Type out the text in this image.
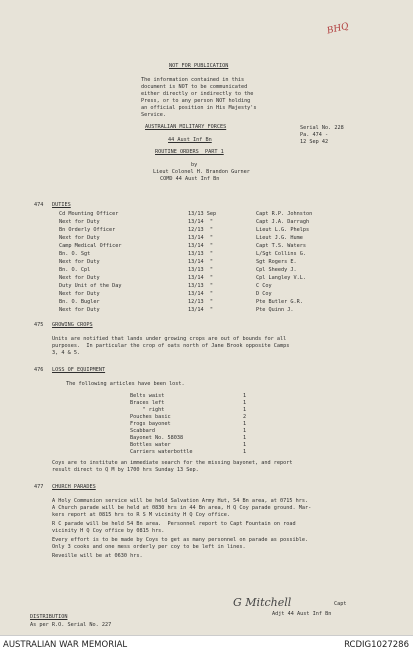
BHQ
NOT FOR PUBLICATION
The information contained in this
document is NOT to be communicated
either directly or indirectly to the
Press, or to any person NOT holding
an official position in His Majesty's
Service.
AUSTRALIAN MILITARY FORCES	Serial No. 228
Pa. 474 -
44 Aust Inf Bn	12 Sep 42
ROUTINE ORDERS  PART 1
by
Lieut Colonel H. Brandon Gurner
COMD 44 Aust Inf Bn
474 DUTIES
Cd Mounting Officer	13/13 Sep	Capt R.P. Johnston
Next for Duty	13/14  "	Capt J.A. Darragh
Bn Orderly Officer	12/13  "	Lieut L.G. Phelps
Next for Duty	13/14  "	Lieut J.G. Hume
Camp Medical Officer	13/14  "	Capt T.S. Waters
Bn. O. Sgt	13/13  "	L/Sgt Collins G.
Next for Duty	13/14  "	Sgt Rogers E.
Bn. O. Cpl	13/13  "	Cpl Sheedy J.
Next for Duty	13/14  "	Cpl Langley V.L.
Duty Unit of the Day	13/13  "	C Coy
Next for Duty	13/14  "	D Coy
Bn. O. Bugler	12/13  "	Pte Butler G.R.
Next for Duty	13/14  "	Pte Quinn J.
475 GROWING CROPS
Units are notified that lands under growing crops are out of bounds for all
purposes.  In particular the crop of oats north of Jane Brook opposite Camps
3, 4 & 5.
476 LOSS OF EQUIPMENT
The following articles have been lost.
Belts waist	1
Braces left	1
" right	1
Pouches basic	2
Frogs bayonet	1
Scabbard	1
Bayonet No. 58038	1
Bottles water	1
Carriers waterbottle	1
Coys are to institute an immediate search for the missing bayonet, and report
result direct to Q M by 1700 hrs Sunday 13 Sep.
477 CHURCH PARADES
A Holy Communion service will be held Salvation Army Hut, 54 Bn area, at 0715 hrs.
A Church parade will be held at 0830 hrs in 44 Bn area, H Q Coy parade ground. Mar-
kers report at 0815 hrs to R S M vicinity H Q Coy office.
R C parade will be held 54 Bn area.  Personnel report to Capt Fountain on road
vicinity H Q Coy office by 0815 hrs.
Every effort is to be made by Coys to get as many personnel on parade as possible.
Only 3 cooks and one mess orderly per coy to be left in lines.
Reveille will be at 0630 hrs.
G Mitchell	Capt
Adjt 44 Aust Inf Bn
DISTRIBUTION
As per R.O. Serial No. 227
AUSTRALIAN WAR MEMORIAL	RCDIG1027286
